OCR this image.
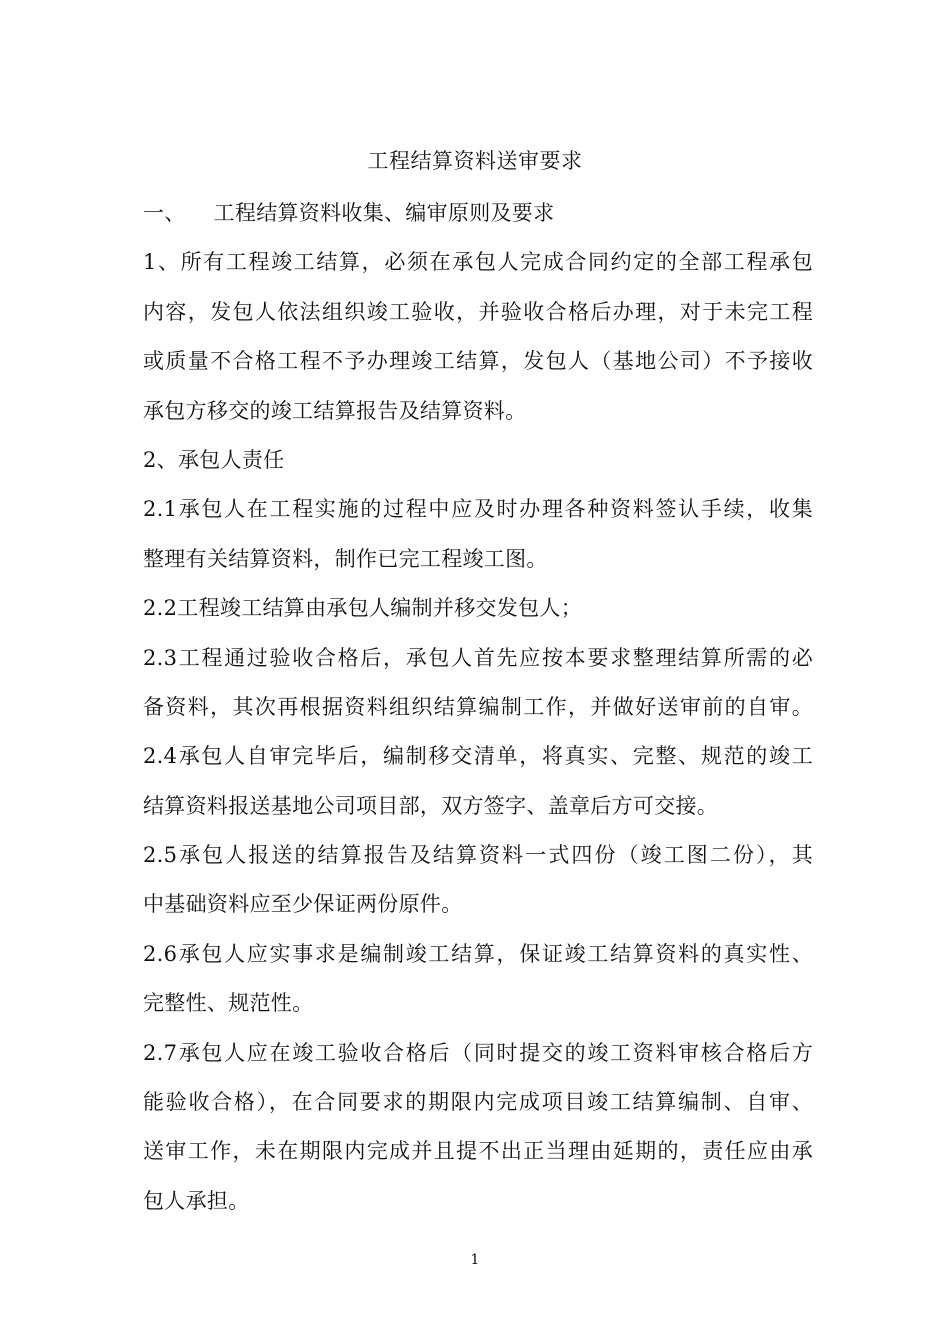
工程结算资料送审要求
一、 工程结算资料收集、编审原则及要求
1、所有工程竣工结算，必须在承包人完成合同约定的全部工程承包
内容，发包人依法组织竣工验收，并验收合格后办理，对于未完工程
或质量不合格工程不予办理竣工结算，发包人（基地公司）不予接收
承包方移交的竣工结算报告及结算资料。
2、承包人责任
2.1承包人在工程实施的过程中应及时办理各种资料签认手续，收集
整理有关结算资料，制作已完工程竣工图。
2.2工程竣工结算由承包人编制并移交发包人；
2.3工程通过验收合格后，承包人首先应按本要求整理结算所需的必
备资料，其次再根据资料组织结算编制工作，并做好送审前的自审。
2.4承包人自审完毕后，编制移交清单，将真实、完整、规范的竣工
结算资料报送基地公司项目部，双方签字、盖章后方可交接。
2.5承包人报送的结算报告及结算资料一式四份（竣工图二份），其
中基础资料应至少保证两份原件。
2.6承包人应实事求是编制竣工结算，保证竣工结算资料的真实性、
完整性、规范性。
2.7承包人应在竣工验收合格后（同时提交的竣工资料审核合格后方
能验收合格），在合同要求的期限内完成项目竣工结算编制、自审、
送审工作，未在期限内完成并且提不出正当理由延期的，责任应由承
包人承担。
1
